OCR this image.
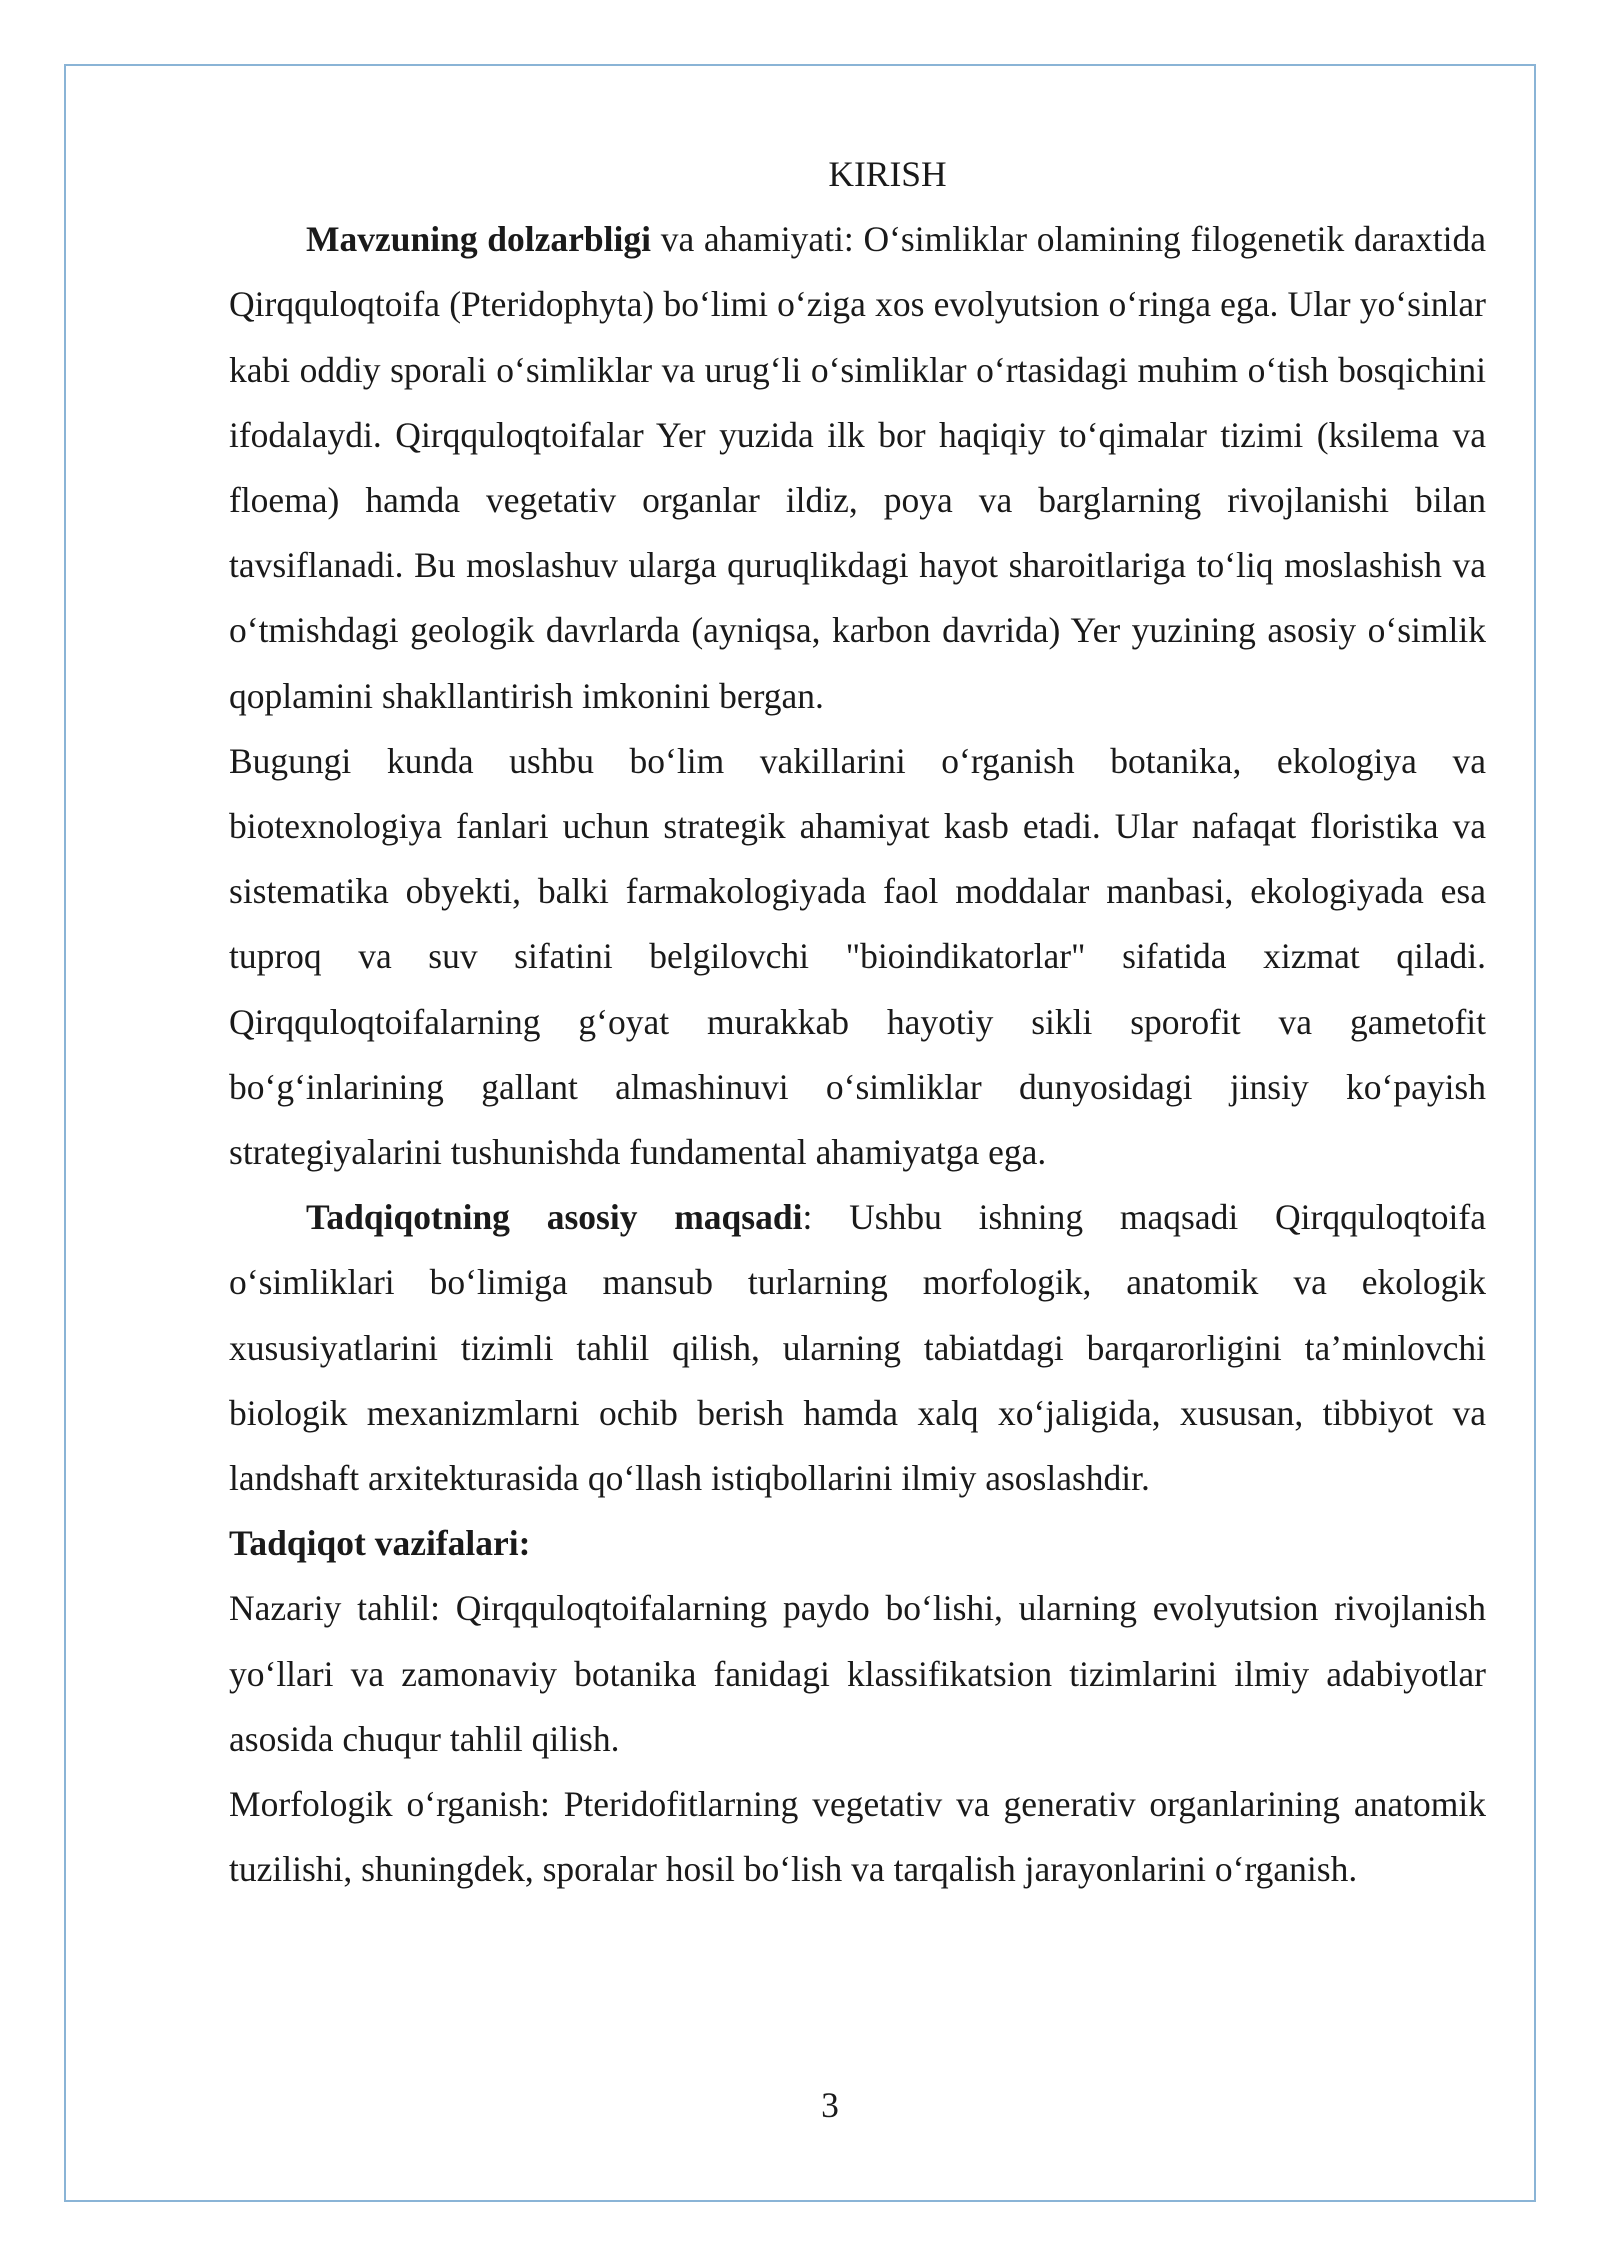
KIRISH

Mavzuning dolzarbligi va ahamiyati: O‘simliklar olamining filogenetik daraxtida Qirqquloqtoifa (Pteridophyta) bo‘limi o‘ziga xos evolyutsion o‘ringa ega. Ular yo‘sinlar kabi oddiy sporali o‘simliklar va urug‘li o‘simliklar o‘rtasidagi muhim o‘tish bosqichini ifodalaydi. Qirqquloqtoifalar Yer yuzida ilk bor haqiqiy to‘qimalar tizimi (ksilema va floema) hamda vegetativ organlar ildiz, poya va barglarning rivojlanishi bilan tavsiflanadi. Bu moslashuv ularga quruqlikdagi hayot sharoitlariga to‘liq moslashish va o‘tmishdagi geologik davrlarda (ayniqsa, karbon davrida) Yer yuzining asosiy o‘simlik qoplamini shakllantirish imkonini bergan.

Bugungi kunda ushbu bo‘lim vakillarini o‘rganish botanika, ekologiya va biotexnologiya fanlari uchun strategik ahamiyat kasb etadi. Ular nafaqat floristika va sistematika obyekti, balki farmakologiyada faol moddalar manbasi, ekologiyada esa tuproq va suv sifatini belgilovchi "bioindikatorlar" sifatida xizmat qiladi. Qirqquloqtoifalarning g‘oyat murakkab hayotiy sikli sporofit va gametofit bo‘g‘inlarining gallant almashinuvi o‘simliklar dunyosidagi jinsiy ko‘payish strategiyalarini tushunishda fundamental ahamiyatga ega.

Tadqiqotning asosiy maqsadi: Ushbu ishning maqsadi Qirqquloqtoifa o‘simliklari bo‘limiga mansub turlarning morfologik, anatomik va ekologik xususiyatlarini tizimli tahlil qilish, ularning tabiatdagi barqarorligini ta’minlovchi biologik mexanizmlarni ochib berish hamda xalq xo‘jaligida, xususan, tibbiyot va landshaft arxitekturasida qo‘llash istiqbollarini ilmiy asoslashdir.

Tadqiqot vazifalari:

Nazariy tahlil: Qirqquloqtoifalarning paydo bo‘lishi, ularning evolyutsion rivojlanish yo‘llari va zamonaviy botanika fanidagi klassifikatsion tizimlarini ilmiy adabiyotlar asosida chuqur tahlil qilish.

Morfologik o‘rganish: Pteridofitlarning vegetativ va generativ organlarining anatomik tuzilishi, shuningdek, sporalar hosil bo‘lish va tarqalish jarayonlarini o‘rganish.

3
